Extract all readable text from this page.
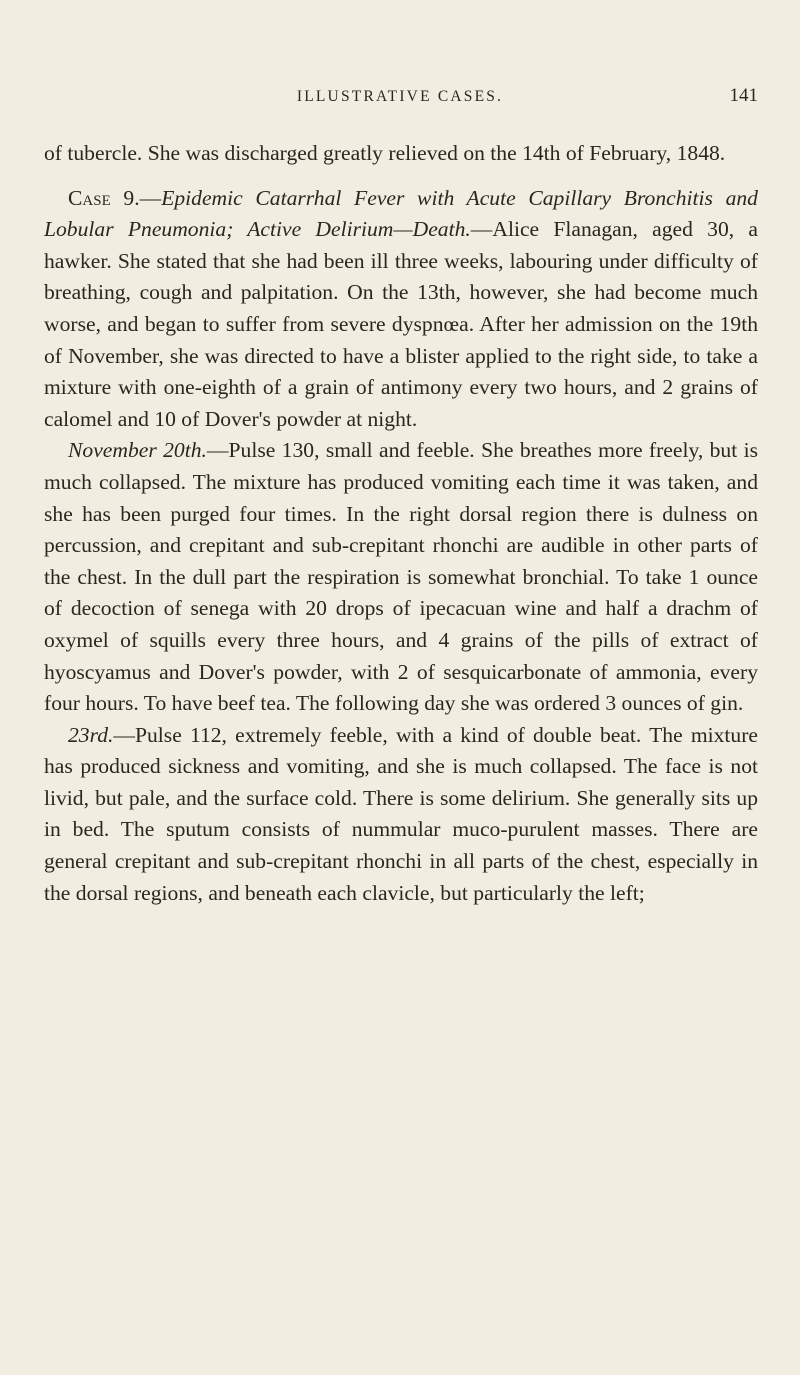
ILLUSTRATIVE CASES.	141

of tubercle. She was discharged greatly relieved on the 14th of February, 1848.

Case 9.—Epidemic Catarrhal Fever with Acute Capillary Bronchitis and Lobular Pneumonia; Active Delirium—Death.—Alice Flanagan, aged 30, a hawker. She stated that she had been ill three weeks, labouring under difficulty of breathing, cough and palpitation. On the 13th, however, she had become much worse, and began to suffer from severe dyspnœa. After her admission on the 19th of November, she was directed to have a blister applied to the right side, to take a mixture with one-eighth of a grain of antimony every two hours, and 2 grains of calomel and 10 of Dover's powder at night.

November 20th.—Pulse 130, small and feeble. She breathes more freely, but is much collapsed. The mixture has produced vomiting each time it was taken, and she has been purged four times. In the right dorsal region there is dulness on percussion, and crepitant and sub-crepitant rhonchi are audible in other parts of the chest. In the dull part the respiration is somewhat bronchial. To take 1 ounce of decoction of senega with 20 drops of ipecacuan wine and half a drachm of oxymel of squills every three hours, and 4 grains of the pills of extract of hyoscyamus and Dover's powder, with 2 of sesquicarbonate of ammonia, every four hours. To have beef tea. The following day she was ordered 3 ounces of gin.

23rd.—Pulse 112, extremely feeble, with a kind of double beat. The mixture has produced sickness and vomiting, and she is much collapsed. The face is not livid, but pale, and the surface cold. There is some delirium. She generally sits up in bed. The sputum consists of nummular muco-purulent masses. There are general crepitant and sub-crepitant rhonchi in all parts of the chest, especially in the dorsal regions, and beneath each clavicle, but particularly the left;
